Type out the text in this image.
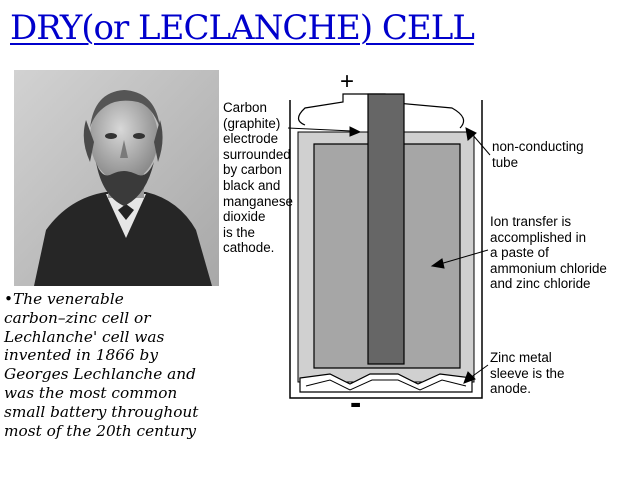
DRY(or LECLANCHE) CELL
•The venerable
carbon–zinc cell or
Lechlanche' cell was
invented in 1866 by
Georges Lechlanche and
was the most common
small battery throughout
most of the 20th century
+
-
Carbon
(graphite)
electrode
surrounded
by carbon
black and
manganese
dioxide
is the
cathode.
non-conducting
tube
Ion transfer is
accomplished in
a paste of
ammonium chloride
and zinc chloride
Zinc metal
sleeve is the
anode.
